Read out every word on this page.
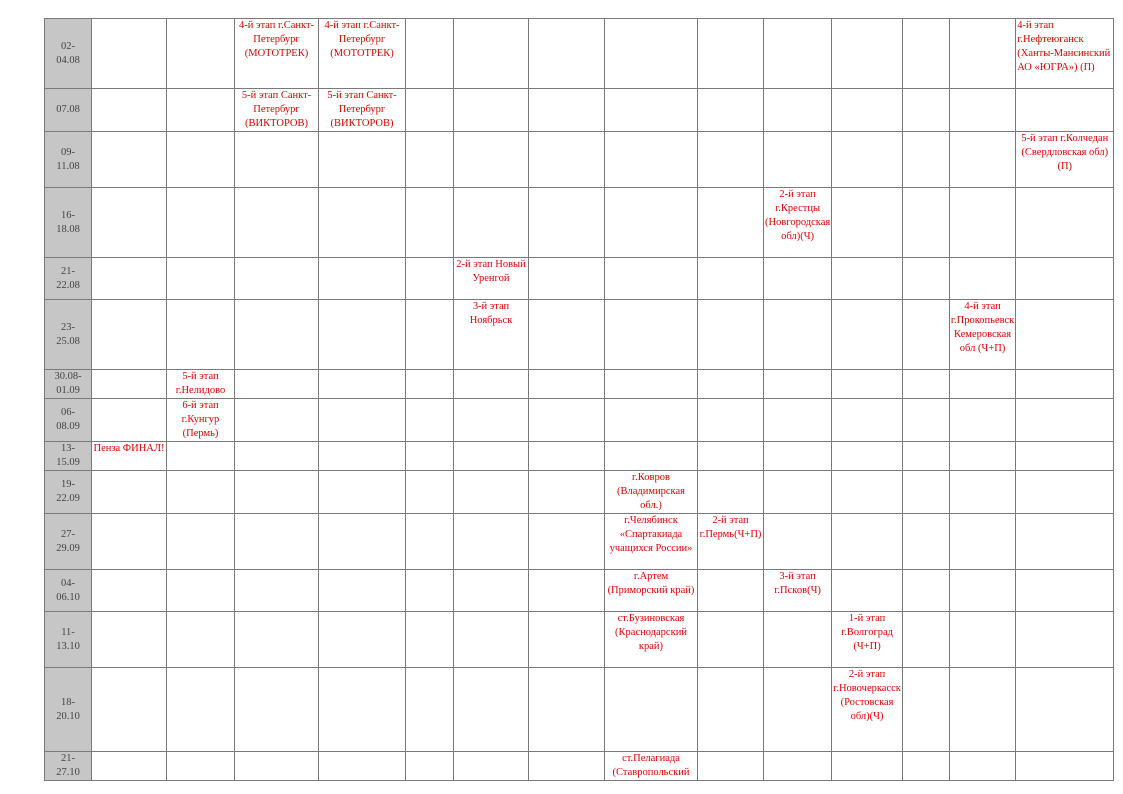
02-
04.08			4-й этап г.Санкт-Петербург (МОТОТРЕК)	4-й этап г.Санкт-Петербург (МОТОТРЕК)										4-й этап г.Нефтеюганск (Ханты-Мансинский АО «ЮГРА») (П)
07.08			5-й этап Санкт-Петербург (ВИКТОРОВ)	5-й этап Санкт-Петербург (ВИКТОРОВ)										
09-
11.08														5-й этап г.Колчедан (Свердловская обл)(П)
16-
18.08										2-й этап г.Крестцы (Новгородская обл)(Ч)				
21-
22.08						2-й этап Новый Уренгой								
23-
25.08						3-й этап Ноябрьск							4-й этап г.Прокопьевск Кемеровская обл (Ч+П)	
30.08-
01.09		5-й этап г.Нелидово												
06-
08.09		6-й этап г.Кунгур (Пермь)												
13-
15.09	Пенза ФИНАЛ!													
19-
22.09								г.Ковров (Владимирская обл.)						
27-
29.09								г.Челябинск «Спартакиада учащихся России»	2-й этап г.Пермь(Ч+П)					
04-
06.10								г.Артем (Приморский край)		3-й этап г.Псков(Ч)				
11-
13.10								ст.Бузиновская (Краснодарский край)			1-й этап г.Волгоград (Ч+П)			
18-
20.10											2-й этап г.Новочеркасск (Ростовская обл)(Ч)			
21-
27.10								ст.Пелагиада (Ставропольский						
